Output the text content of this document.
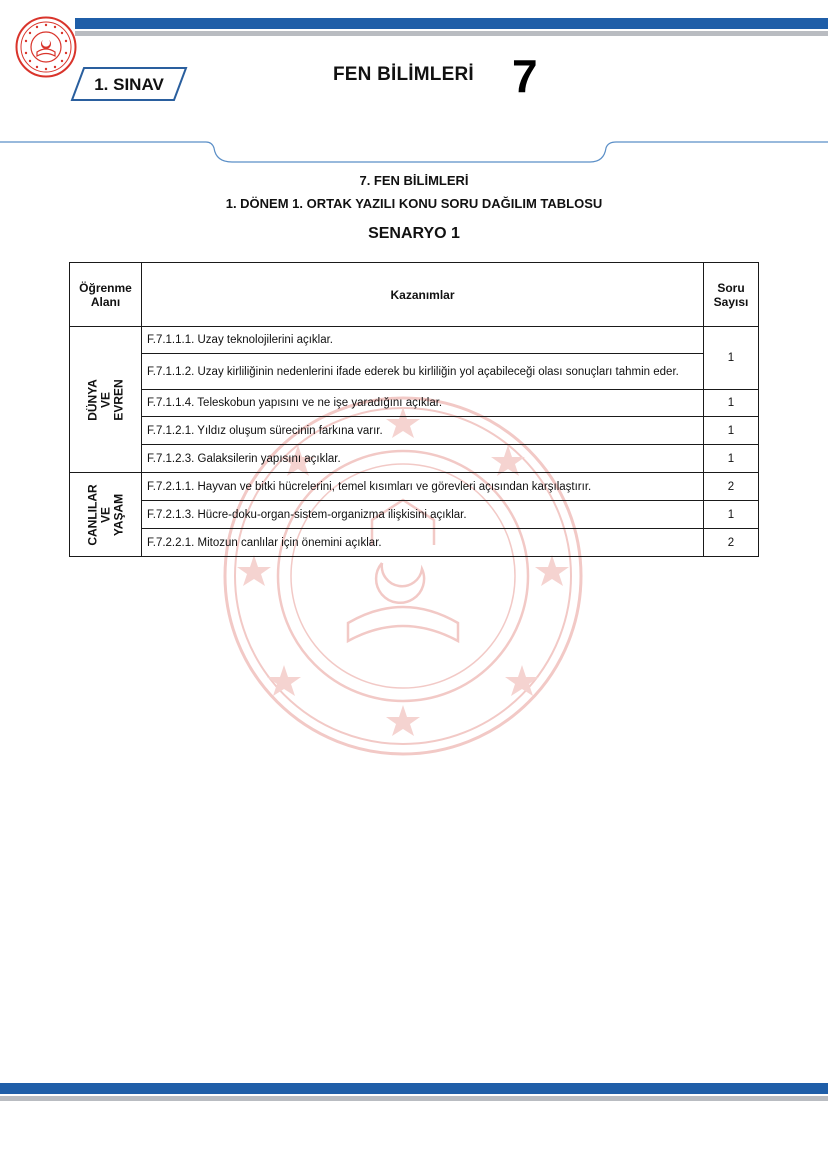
1. SINAV	FEN BİLİMLERİ 7
7. FEN BİLİMLERİ
1. DÖNEM 1. ORTAK YAZILI KONU SORU DAĞILIM TABLOSU
SENARYO 1
Öğrenme Alanı	Kazanımlar	Soru Sayısı

DÜNYA VE EVREN	F.7.1.1.1. Uzay teknolojilerini açıklar.	1
	F.7.1.1.2. Uzay kirliliğinin nedenlerini ifade ederek bu kirliliğin yol açabileceği olası sonuçları tahmin eder.	
	F.7.1.1.4. Teleskobun yapısını ve ne işe yaradığını açıklar.	1
	F.7.1.2.1. Yıldız oluşum sürecinin farkına varır.	1
	F.7.1.2.3. Galaksilerin yapısını açıklar.	1

CANLILAR VE YAŞAM	F.7.2.1.1. Hayvan ve bitki hücrelerini, temel kısımları ve görevleri açısından karşılaştırır.	2
	F.7.2.1.3. Hücre-doku-organ-sistem-organizma ilişkisini açıklar.	1
	F.7.2.2.1. Mitozun canlılar için önemini açıklar.	2
